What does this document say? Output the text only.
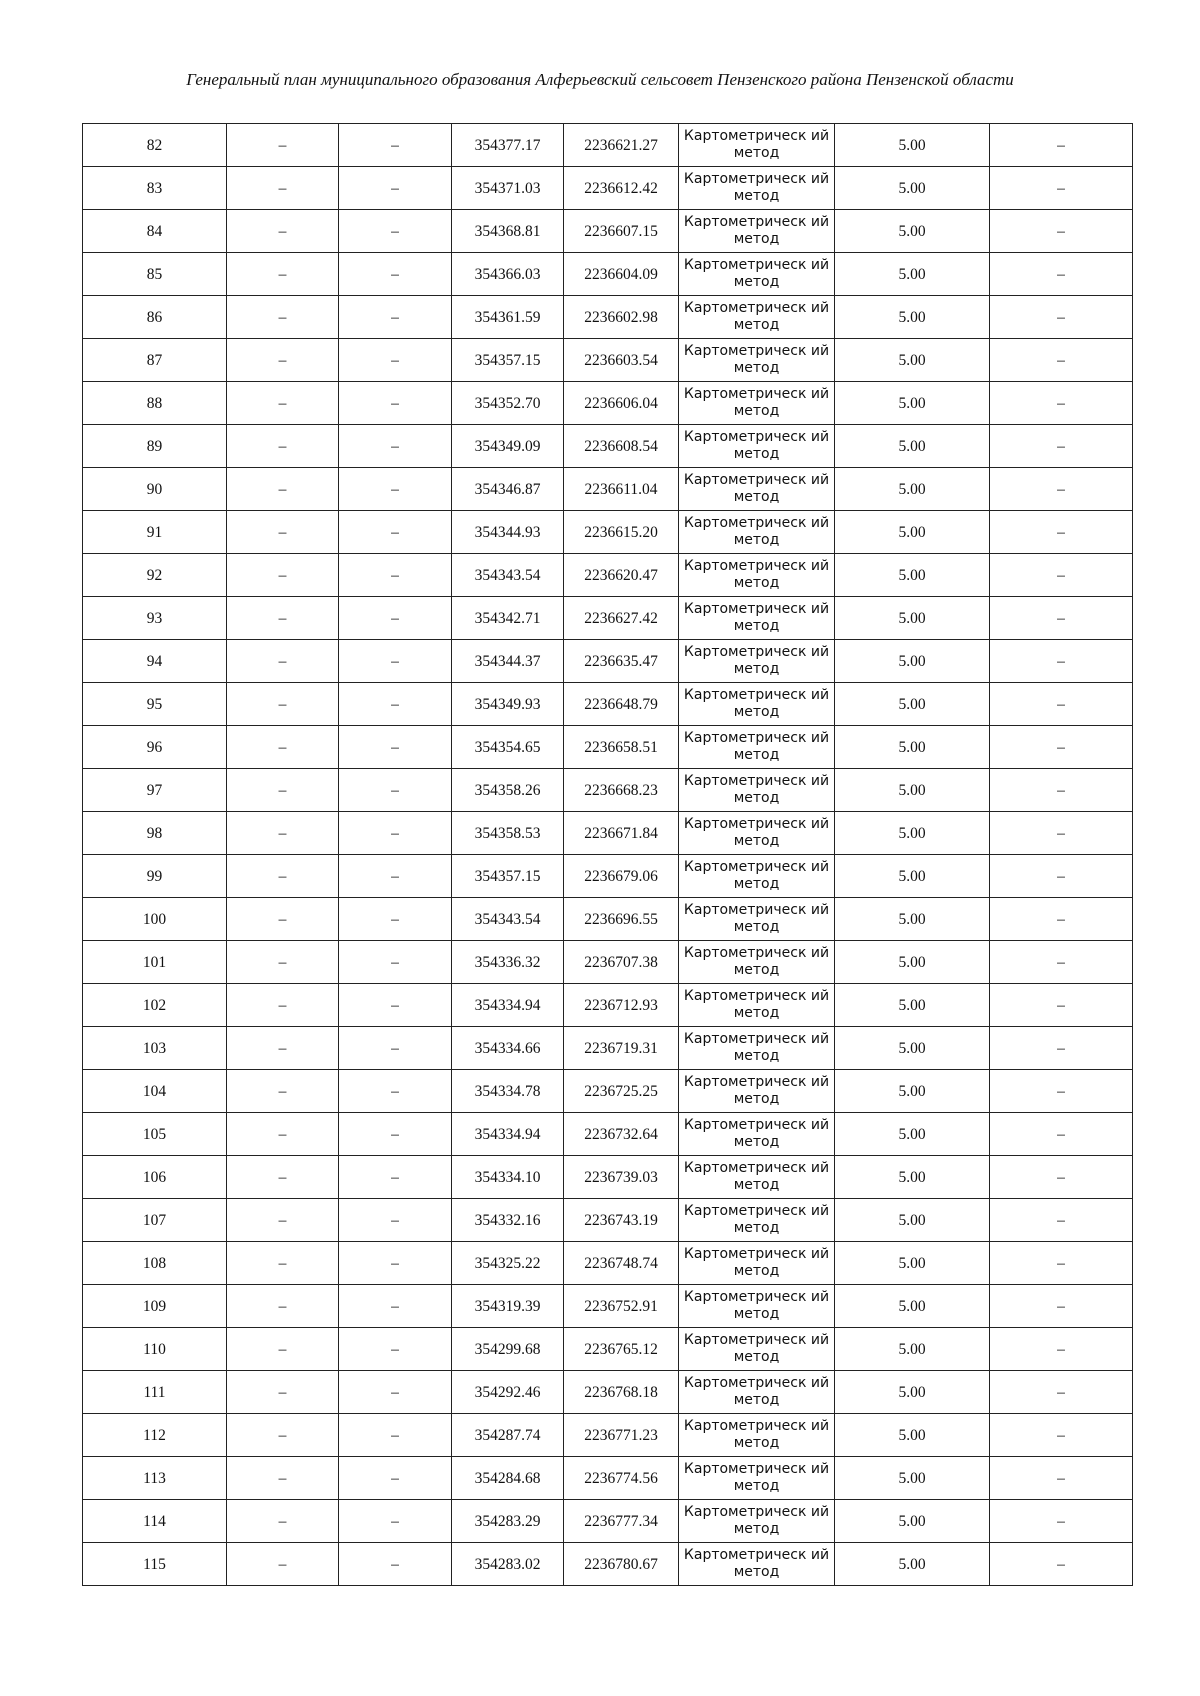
Генеральный план муниципального образования Алферьевский сельсовет Пензенского района Пензенской области
82	–	–	354377.17	2236621.27	Картометрическ ий метод	5.00	–
83	–	–	354371.03	2236612.42	Картометрическ ий метод	5.00	–
84	–	–	354368.81	2236607.15	Картометрическ ий метод	5.00	–
85	–	–	354366.03	2236604.09	Картометрическ ий метод	5.00	–
86	–	–	354361.59	2236602.98	Картометрическ ий метод	5.00	–
87	–	–	354357.15	2236603.54	Картометрическ ий метод	5.00	–
88	–	–	354352.70	2236606.04	Картометрическ ий метод	5.00	–
89	–	–	354349.09	2236608.54	Картометрическ ий метод	5.00	–
90	–	–	354346.87	2236611.04	Картометрическ ий метод	5.00	–
91	–	–	354344.93	2236615.20	Картометрическ ий метод	5.00	–
92	–	–	354343.54	2236620.47	Картометрическ ий метод	5.00	–
93	–	–	354342.71	2236627.42	Картометрическ ий метод	5.00	–
94	–	–	354344.37	2236635.47	Картометрическ ий метод	5.00	–
95	–	–	354349.93	2236648.79	Картометрическ ий метод	5.00	–
96	–	–	354354.65	2236658.51	Картометрическ ий метод	5.00	–
97	–	–	354358.26	2236668.23	Картометрическ ий метод	5.00	–
98	–	–	354358.53	2236671.84	Картометрическ ий метод	5.00	–
99	–	–	354357.15	2236679.06	Картометрическ ий метод	5.00	–
100	–	–	354343.54	2236696.55	Картометрическ ий метод	5.00	–
101	–	–	354336.32	2236707.38	Картометрическ ий метод	5.00	–
102	–	–	354334.94	2236712.93	Картометрическ ий метод	5.00	–
103	–	–	354334.66	2236719.31	Картометрическ ий метод	5.00	–
104	–	–	354334.78	2236725.25	Картометрическ ий метод	5.00	–
105	–	–	354334.94	2236732.64	Картометрическ ий метод	5.00	–
106	–	–	354334.10	2236739.03	Картометрическ ий метод	5.00	–
107	–	–	354332.16	2236743.19	Картометрическ ий метод	5.00	–
108	–	–	354325.22	2236748.74	Картометрическ ий метод	5.00	–
109	–	–	354319.39	2236752.91	Картометрическ ий метод	5.00	–
110	–	–	354299.68	2236765.12	Картометрическ ий метод	5.00	–
111	–	–	354292.46	2236768.18	Картометрическ ий метод	5.00	–
112	–	–	354287.74	2236771.23	Картометрическ ий метод	5.00	–
113	–	–	354284.68	2236774.56	Картометрическ ий метод	5.00	–
114	–	–	354283.29	2236777.34	Картометрическ ий метод	5.00	–
115	–	–	354283.02	2236780.67	Картометрическ ий метод	5.00	–
